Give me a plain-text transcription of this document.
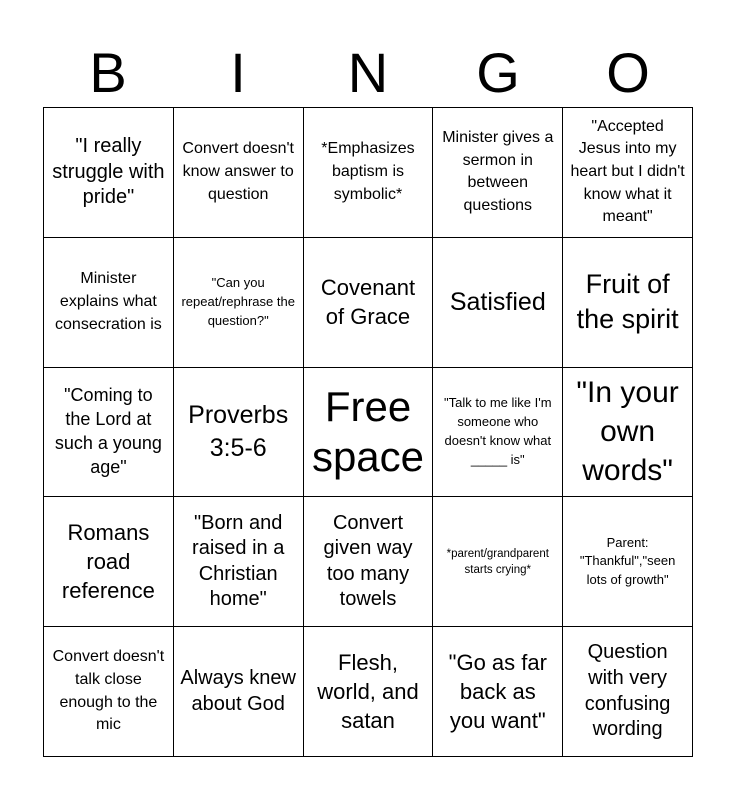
B	I	N	G	O
"I really struggle with pride"
Convert doesn't know answer to question
*Emphasizes baptism is symbolic*
Minister gives a sermon in between questions
"Accepted Jesus into my heart but I didn't know what it meant"
Minister explains what consecration is
"Can you repeat/rephrase the question?"
Covenant of Grace
Satisfied
Fruit of the spirit
"Coming to the Lord at such a young age"
Proverbs 3:5-6
Free space
"Talk to me like I'm someone who doesn't know what _____ is"
"In your own words"
Romans road reference
"Born and raised in a Christian home"
Convert given way too many towels
*parent/grandparent starts crying*
Parent: "Thankful","seen lots of growth"
Convert doesn't talk close enough to the mic
Always knew about God
Flesh, world, and satan
"Go as far back as you want"
Question with very confusing wording
